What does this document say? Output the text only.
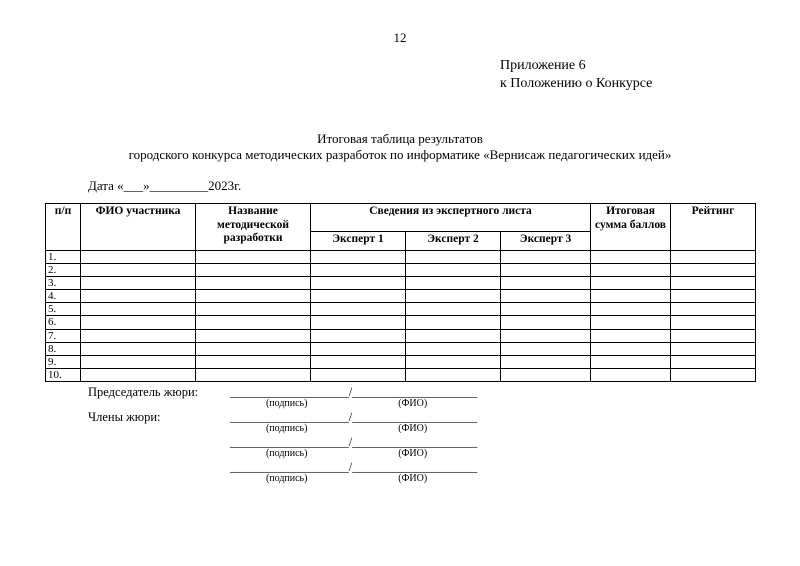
12
Приложение 6
к Положению о Конкурсе
Итоговая таблица результатов
городского конкурса методических разработок по информатике «Вернисаж педагогических идей»
Дата «___»_________2023г.
п/п	ФИО участника	Название методической разработки	Сведения из экспертного листа			Итоговая сумма баллов	Рейтинг
			Эксперт 1	Эксперт 2	Эксперт 3		
1.							
2.							
3.							
4.							
5.							
6.							
7.							
8.							
9.							
10.							
Председатель жюри:	___________________/____________________
(подпись)	(ФИО)
Члены жюри:	___________________/____________________
(подпись)	(ФИО)
___________________/____________________
(подпись)	(ФИО)
___________________/____________________
(подпись)	(ФИО)
